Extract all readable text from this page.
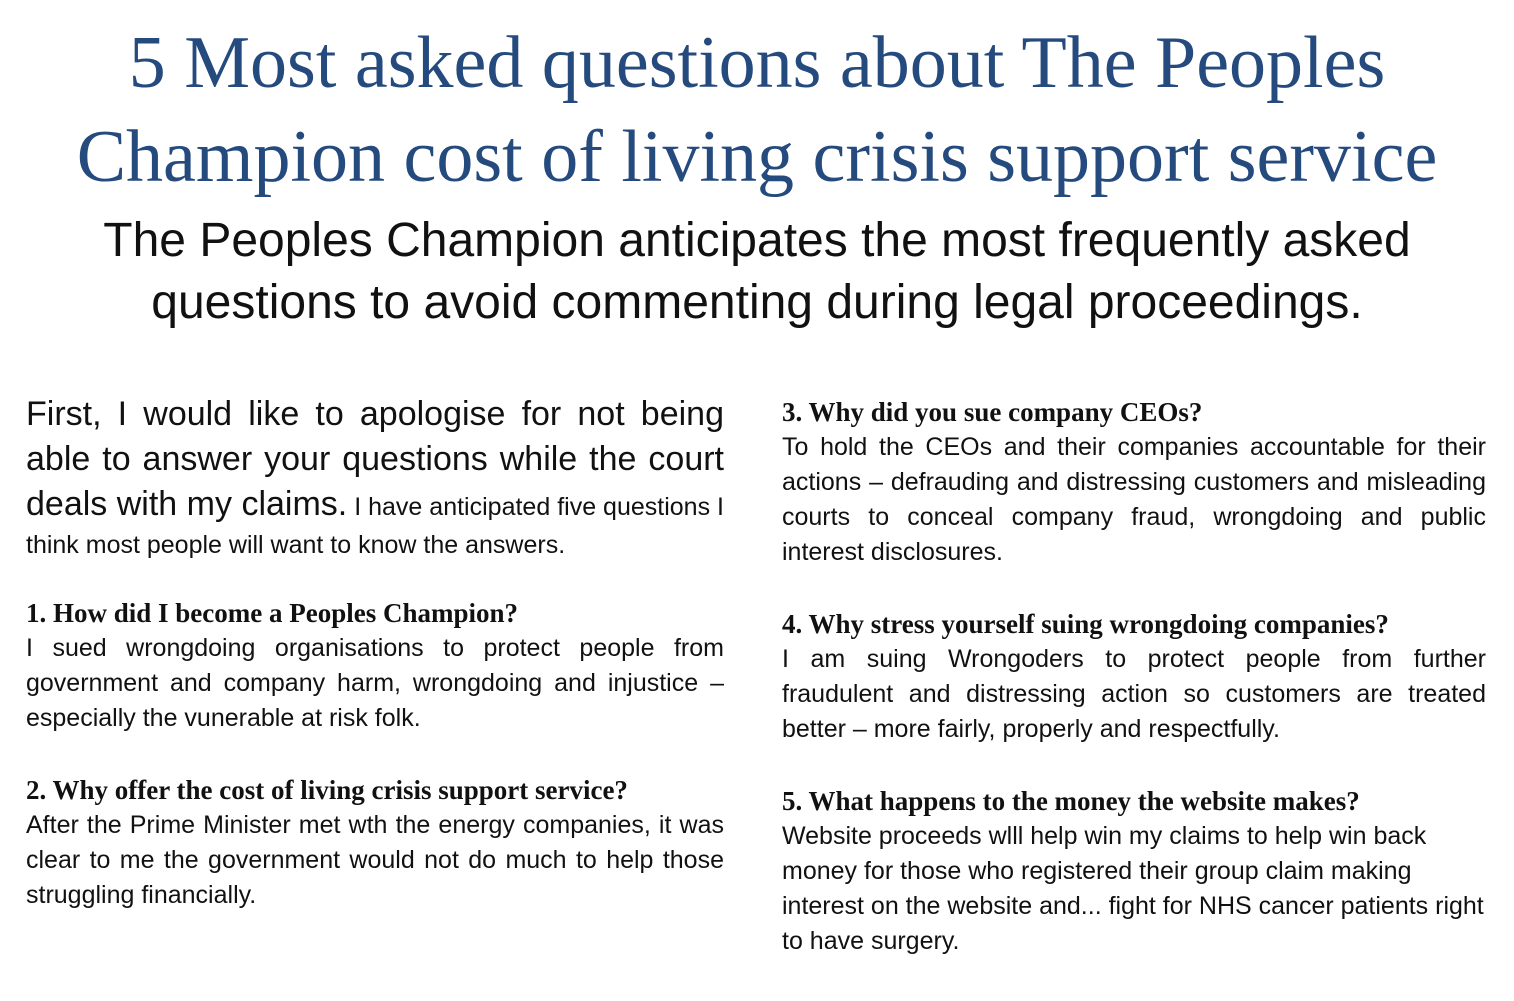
5 Most asked questions about The Peoples Champion cost of living crisis support service
The Peoples Champion anticipates the most frequently asked questions to avoid commenting during legal proceedings.

First, I would like to apologise for not being able to answer your questions while the court deals with my claims. I have anticipated five questions I think most people will want to know the answers.

1. How did I become a Peoples Champion?

I sued wrongdoing organisations to protect people from government and company harm, wrongdoing and injustice – especially the vunerable at risk folk.

2. Why offer the cost of living crisis support service?

After the Prime Minister met wth the energy companies, it was clear to me the government would not do much to help those struggling financially.

3. Why did you sue company CEOs?

To hold the CEOs and their companies accountable for their actions – defrauding and distressing customers and misleading courts to conceal company fraud, wrongdoing and public interest disclosures.

4. Why stress yourself suing wrongdoing companies?

I am suing Wrongoders to protect people from further fraudulent and distressing action so customers are treated better – more fairly, properly and respectfully.

5. What happens to the money the website makes?

Website proceeds wlll help win my claims to help win back money for those who registered their group claim making interest on the website and... fight for NHS cancer patients right to have surgery.
